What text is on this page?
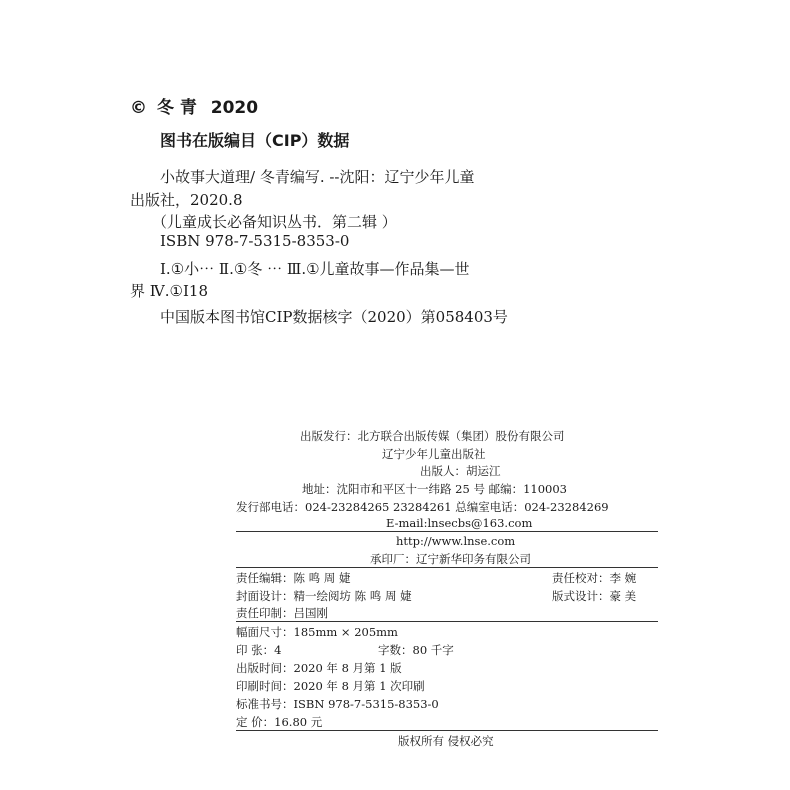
© 冬 青 2020
图书在版编目（CIP）数据
小故事大道理/ 冬青编写. --沈阳：辽宁少年儿童
出版社，2020.8
（儿童成长必备知识丛书．第二辑 ）
ISBN 978-7-5315-8353-0
Ⅰ.①小⋯ Ⅱ.①冬 ⋯ Ⅲ.①儿童故事—作品集—世
界 Ⅳ.①I18
中国版本图书馆CIP数据核字（2020）第058403号
出版发行：北方联合出版传媒（集团）股份有限公司
辽宁少年儿童出版社
出版人：胡运江
地址：沈阳市和平区十一纬路 25 号 邮编：110003
发行部电话：024-23284265 23284261 总编室电话：024-23284269
E-mail:lnsecbs@163.com
http://www.lnse.com
承印厂：辽宁新华印务有限公司
责任编辑：陈 鸣 周 婕	责任校对：李 婉
封面设计：精一绘阅坊 陈 鸣 周 婕	版式设计：豪 美
责任印制：吕国刚
幅面尺寸：185mm × 205mm
印 张：4	字数：80 千字
出版时间：2020 年 8 月第 1 版
印刷时间：2020 年 8 月第 1 次印刷
标准书号：ISBN 978-7-5315-8353-0
定 价：16.80 元
版权所有 侵权必究
